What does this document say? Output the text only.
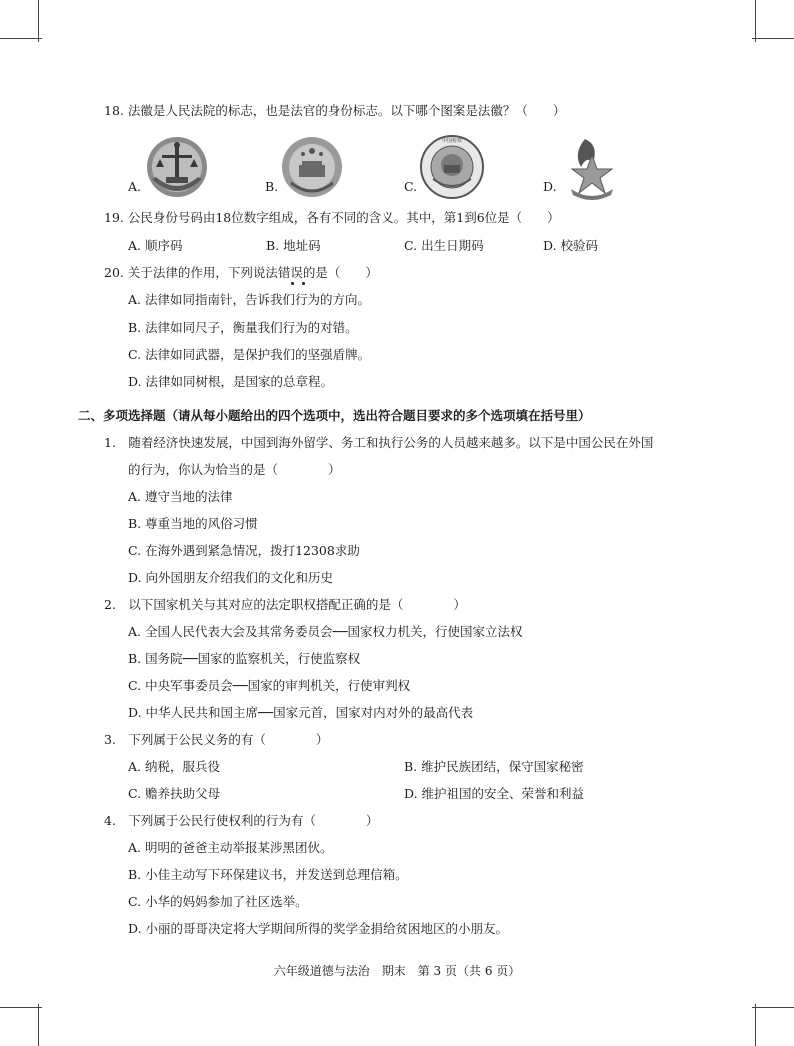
18. 法徽是人民法院的标志，也是法官的身份标志。以下哪个图案是法徽？（　　）
A.	B.	C.
中国检察
D.
19. 公民身份号码由18位数字组成，各有不同的含义。其中，第1到6位是（　　）
A. 顺序码	B. 地址码	C. 出生日期码	D. 校验码
20. 关于法律的作用，下列说法错误的是（　　）
A. 法律如同指南针，告诉我们行为的方向。
B. 法律如同尺子，衡量我们行为的对错。
C. 法律如同武器，是保护我们的坚强盾牌。
D. 法律如同树根，是国家的总章程。
二、多项选择题（请从每小题给出的四个选项中，选出符合题目要求的多个选项填在括号里）
1.　随着经济快速发展，中国到海外留学、务工和执行公务的人员越来越多。以下是中国公民在外国
的行为，你认为恰当的是（　　　　）
A. 遵守当地的法律
B. 尊重当地的风俗习惯
C. 在海外遇到紧急情况，拨打12308求助
D. 向外国朋友介绍我们的文化和历史
2.　以下国家机关与其对应的法定职权搭配正确的是（　　　　）
A. 全国人民代表大会及其常务委员会──国家权力机关，行使国家立法权
B. 国务院──国家的监察机关，行使监察权
C. 中央军事委员会──国家的审判机关，行使审判权
D. 中华人民共和国主席──国家元首，国家对内对外的最高代表
3.　下列属于公民义务的有（　　　　）
A. 纳税，服兵役	B. 维护民族团结，保守国家秘密
C. 赡养扶助父母	D. 维护祖国的安全、荣誉和利益
4.　下列属于公民行使权利的行为有（　　　　）
A. 明明的爸爸主动举报某涉黑团伙。
B. 小佳主动写下环保建议书，并发送到总理信箱。
C. 小华的妈妈参加了社区选举。
D. 小丽的哥哥决定将大学期间所得的奖学金捐给贫困地区的小朋友。
六年级道德与法治　期末　第 3 页（共 6 页）
